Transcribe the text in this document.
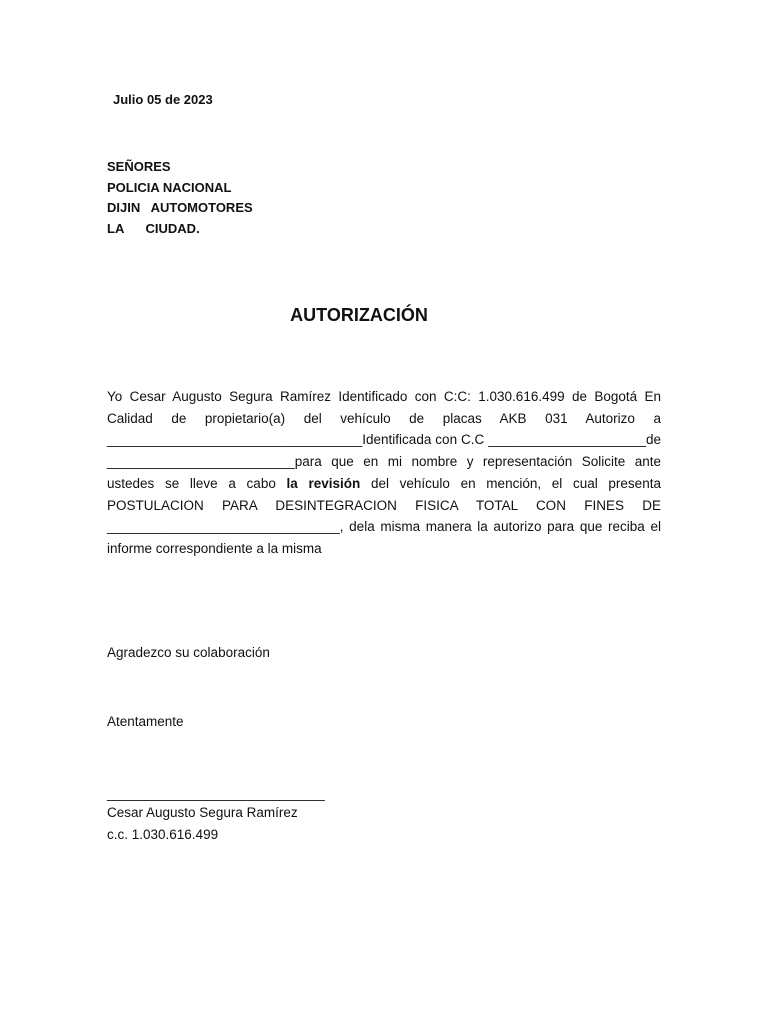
Julio 05 de 2023
SEÑORES
POLICIA NACIONAL
DIJIN   AUTOMOTORES
LA      CIUDAD.
AUTORIZACIÓN
Yo Cesar Augusto Segura Ramírez Identificado con C:C: 1.030.616.499 de Bogotá En
Calidad de propietario(a) del vehículo de placas AKB 031 Autorizo a
__________________________________Identificada con C.C _____________________de
_________________________para que en mi nombre y representación Solicite ante
ustedes se lleve a cabo la revisión del vehículo en mención, el cual presenta
POSTULACION PARA DESINTEGRACION FISICA TOTAL CON FINES DE
_______________________________, dela misma manera la autorizo para que reciba el
informe correspondiente a la misma
Agradezco su colaboración
Atentamente
_____________________________
Cesar Augusto Segura Ramírez
c.c. 1.030.616.499
